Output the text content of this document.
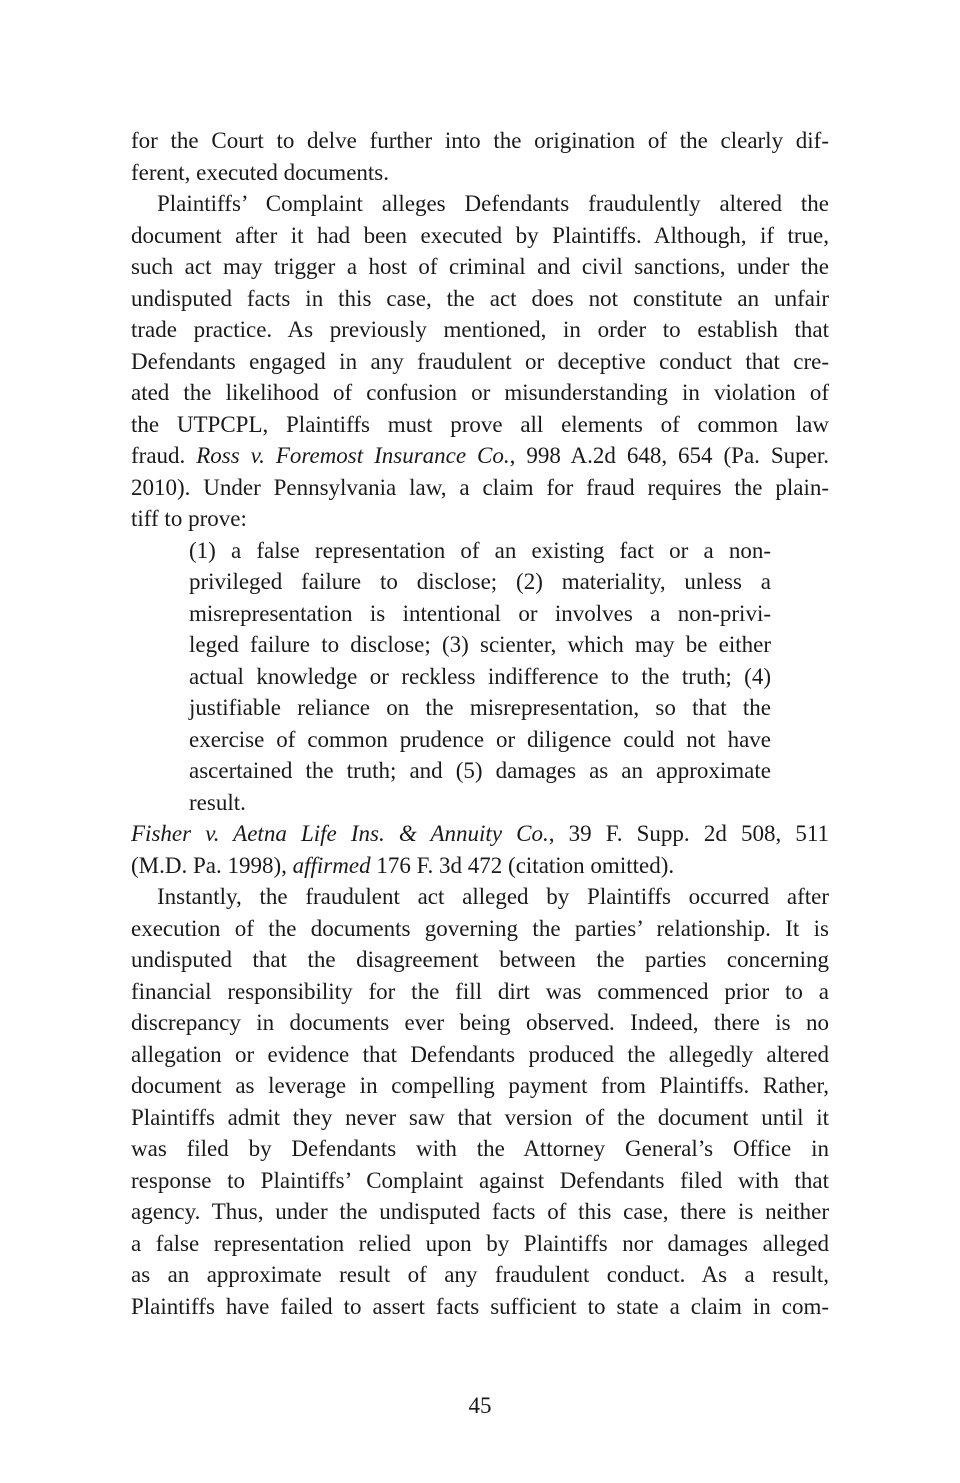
for the Court to delve further into the origination of the clearly dif-
ferent, executed documents.
Plaintiffs’ Complaint alleges Defendants fraudulently altered the
document after it had been executed by Plaintiffs. Although, if true,
such act may trigger a host of criminal and civil sanctions, under the
undisputed facts in this case, the act does not constitute an unfair
trade practice. As previously mentioned, in order to establish that
Defendants engaged in any fraudulent or deceptive conduct that cre-
ated the likelihood of confusion or misunderstanding in violation of
the UTPCPL, Plaintiffs must prove all elements of common law
fraud. Ross v. Foremost Insurance Co., 998 A.2d 648, 654 (Pa. Super.
2010). Under Pennsylvania law, a claim for fraud requires the plain-
tiff to prove:
(1) a false representation of an existing fact or a non-
privileged failure to disclose; (2) materiality, unless a
misrepresentation is intentional or involves a non-privi-
leged failure to disclose; (3) scienter, which may be either
actual knowledge or reckless indifference to the truth; (4)
justifiable reliance on the misrepresentation, so that the
exercise of common prudence or diligence could not have
ascertained the truth; and (5) damages as an approximate
result.
Fisher v. Aetna Life Ins. & Annuity Co., 39 F. Supp. 2d 508, 511
(M.D. Pa. 1998), affirmed 176 F. 3d 472 (citation omitted).
Instantly, the fraudulent act alleged by Plaintiffs occurred after
execution of the documents governing the parties’ relationship. It is
undisputed that the disagreement between the parties concerning
financial responsibility for the fill dirt was commenced prior to a
discrepancy in documents ever being observed. Indeed, there is no
allegation or evidence that Defendants produced the allegedly altered
document as leverage in compelling payment from Plaintiffs. Rather,
Plaintiffs admit they never saw that version of the document until it
was filed by Defendants with the Attorney General’s Office in
response to Plaintiffs’ Complaint against Defendants filed with that
agency. Thus, under the undisputed facts of this case, there is neither
a false representation relied upon by Plaintiffs nor damages alleged
as an approximate result of any fraudulent conduct. As a result,
Plaintiffs have failed to assert facts sufficient to state a claim in com-
45
